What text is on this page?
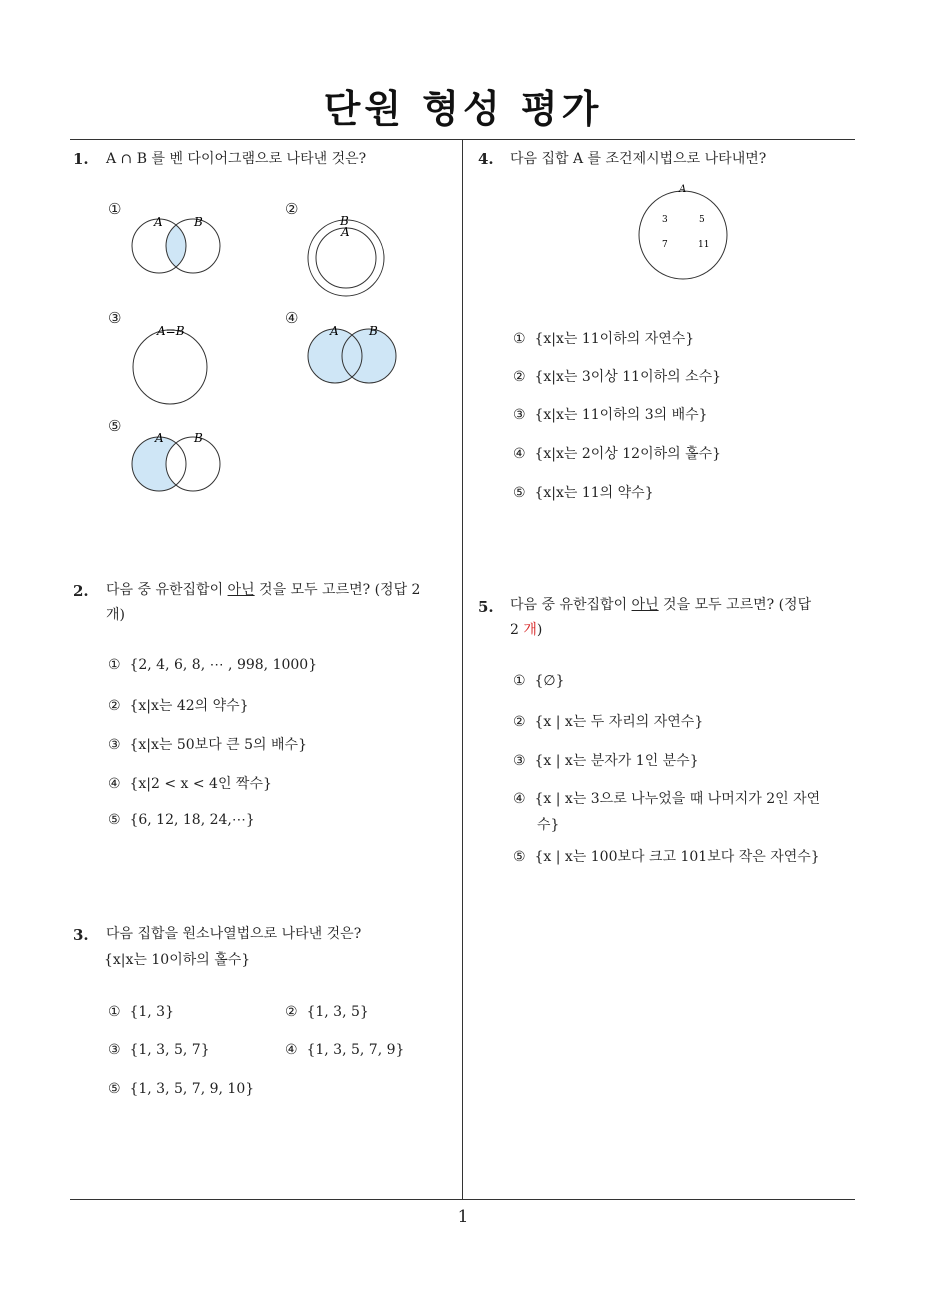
단원 형성 평가
1. A ∩ B 를 벤 다이어그램으로 나타낸 것은?
①
A	B
②
B
A
③
A=B
④
A	B
⑤
A	B
2. 다음 중 유한집합이 아닌 것을 모두 고르면? (정답 2
개)
① {2, 4, 6, 8, ⋯ , 998, 1000}
② {x|x는 42의 약수}
③ {x|x는 50보다 큰 5의 배수}
④ {x|2 < x < 4인 짝수}
⑤ {6, 12, 18, 24,⋯}
3. 다음 집합을 원소나열법으로 나타낸 것은?
{x|x는 10이하의 홀수}
① {1, 3}	② {1, 3, 5}
③ {1, 3, 5, 7}	④ {1, 3, 5, 7, 9}
⑤ {1, 3, 5, 7, 9, 10}
4. 다음 집합 A 를 조건제시법으로 나타내면?
A
3	5
7	11
① {x|x는 11이하의 자연수}
② {x|x는 3이상 11이하의 소수}
③ {x|x는 11이하의 3의 배수}
④ {x|x는 2이상 12이하의 홀수}
⑤ {x|x는 11의 약수}
5. 다음 중 유한집합이 아닌 것을 모두 고르면? (정답
2 개)
① {∅}
② {x | x는 두 자리의 자연수}
③ {x | x는 분자가 1인 분수}
④ {x | x는 3으로 나누었을 때 나머지가 2인 자연
수}
⑤ {x | x는 100보다 크고 101보다 작은 자연수}
1
